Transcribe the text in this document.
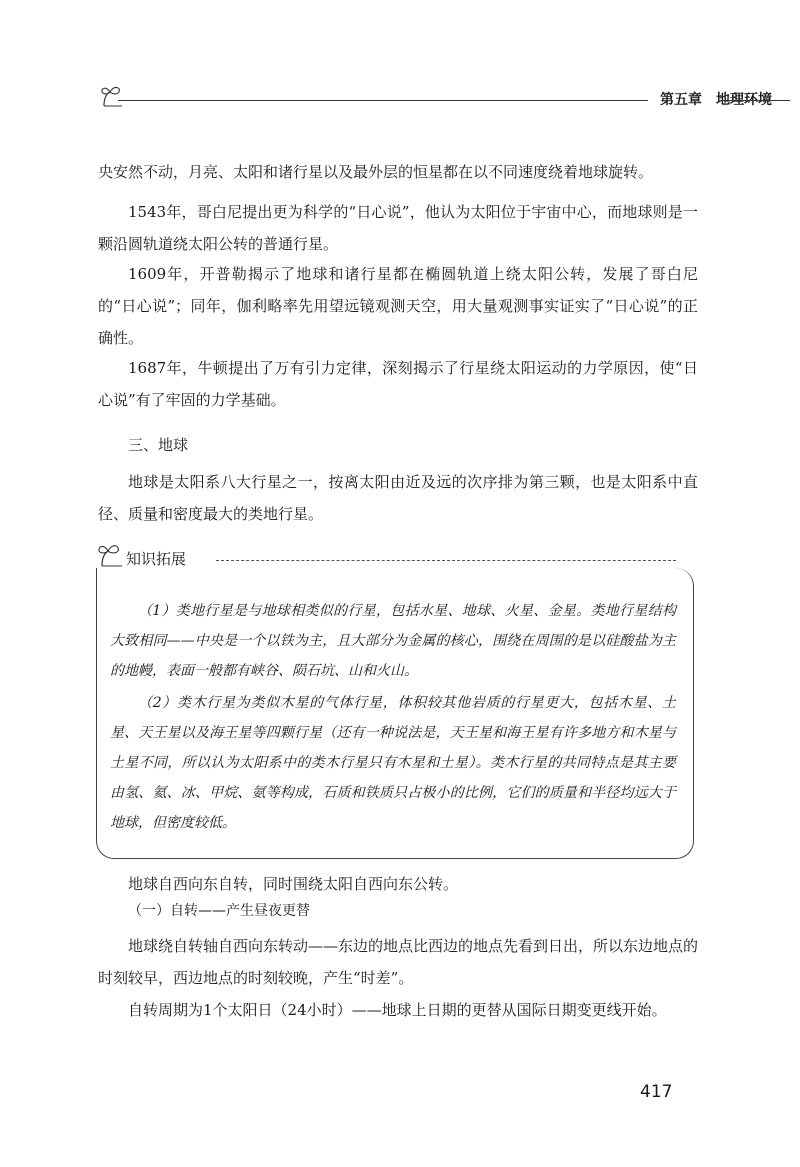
第五章 地理环境

央安然不动，月亮、太阳和诸行星以及最外层的恒星都在以不同速度绕着地球旋转。

1543年，哥白尼提出更为科学的“日心说”，他认为太阳位于宇宙中心，而地球则是一颗沿圆轨道绕太阳公转的普通行星。

1609年，开普勒揭示了地球和诸行星都在椭圆轨道上绕太阳公转，发展了哥白尼的“日心说”；同年，伽利略率先用望远镜观测天空，用大量观测事实证实了“日心说”的正确性。

1687年，牛顿提出了万有引力定律，深刻揭示了行星绕太阳运动的力学原因，使“日心说”有了牢固的力学基础。

三、地球

地球是太阳系八大行星之一，按离太阳由近及远的次序排为第三颗，也是太阳系中直径、质量和密度最大的类地行星。

知识拓展

（1）类地行星是与地球相类似的行星，包括水星、地球、火星、金星。类地行星结构大致相同——中央是一个以铁为主，且大部分为金属的核心，围绕在周围的是以硅酸盐为主的地幔，表面一般都有峡谷、陨石坑、山和火山。

（2）类木行星为类似木星的气体行星，体积较其他岩质的行星更大，包括木星、土星、天王星以及海王星等四颗行星（还有一种说法是，天王星和海王星有许多地方和木星与土星不同，所以认为太阳系中的类木行星只有木星和土星）。类木行星的共同特点是其主要由氢、氦、冰、甲烷、氨等构成，石质和铁质只占极小的比例，它们的质量和半径均远大于地球，但密度较低。

地球自西向东自转，同时围绕太阳自西向东公转。

（一）自转——产生昼夜更替

地球绕自转轴自西向东转动——东边的地点比西边的地点先看到日出，所以东边地点的时刻较早，西边地点的时刻较晚，产生“时差”。

自转周期为1个太阳日（24小时）——地球上日期的更替从国际日期变更线开始。

417
